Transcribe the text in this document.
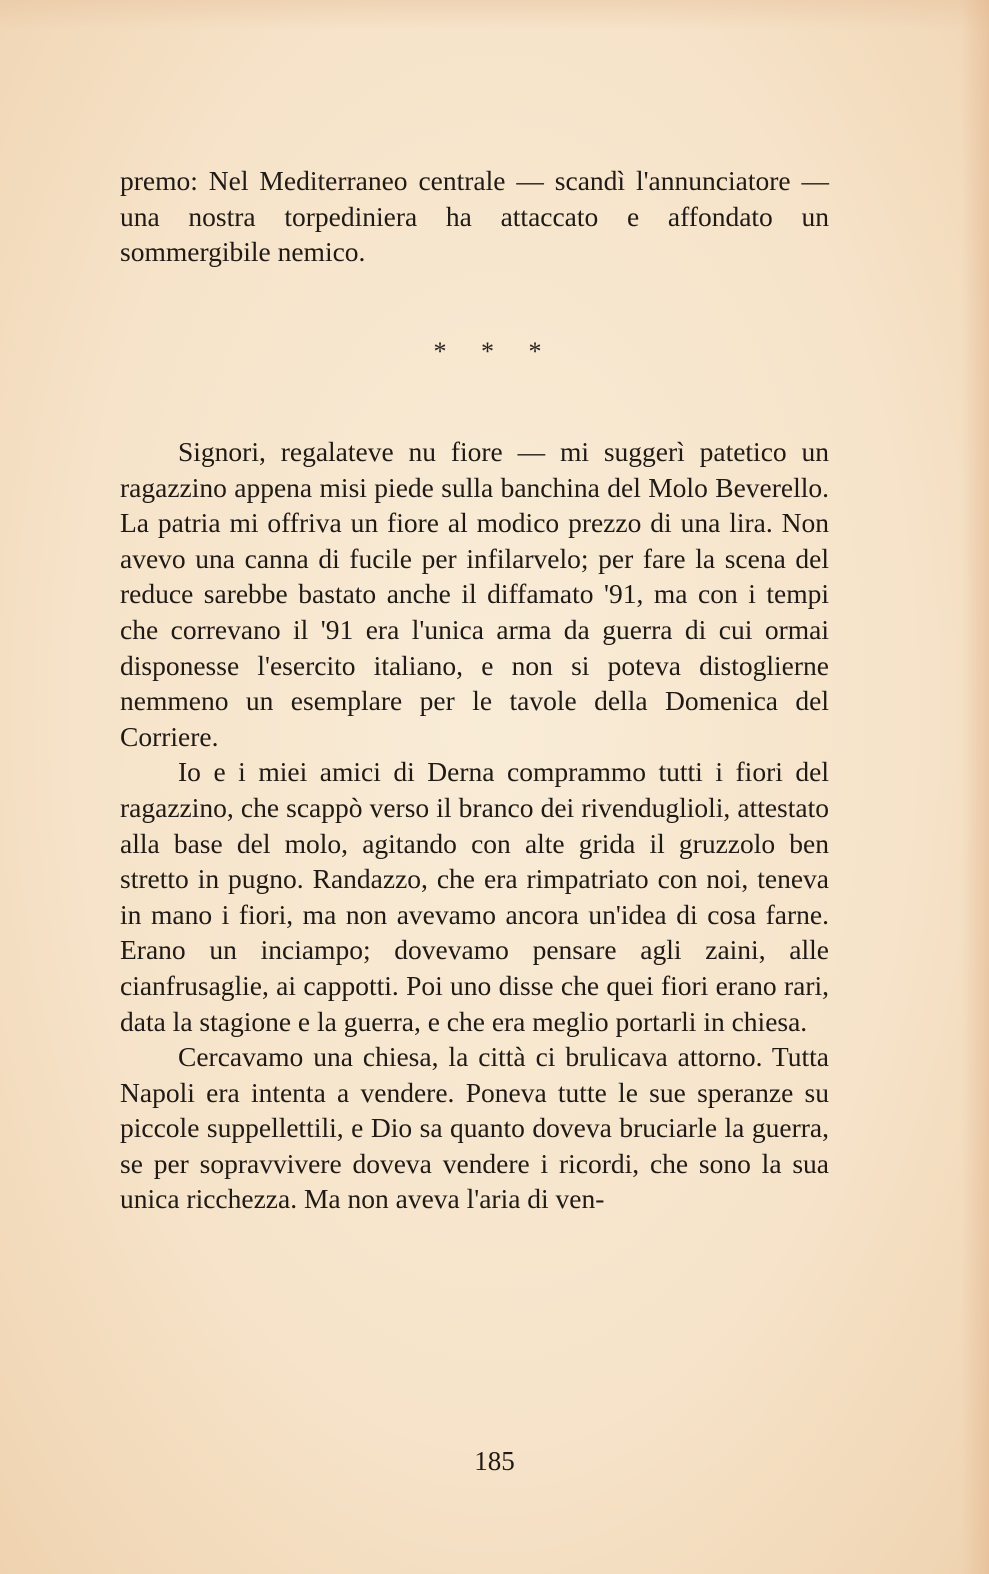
premo: Nel Mediterraneo centrale — scandì l'annunciatore — una nostra torpediniera ha attaccato e affondato un sommergibile nemico.

* * *

Signori, regalateve nu fiore — mi suggerì patetico un ragazzino appena misi piede sulla banchina del Molo Beverello. La patria mi offriva un fiore al modico prezzo di una lira. Non avevo una canna di fucile per infilarvelo; per fare la scena del reduce sarebbe bastato anche il diffamato '91, ma con i tempi che correvano il '91 era l'unica arma da guerra di cui ormai disponesse l'esercito italiano, e non si poteva distoglierne nemmeno un esemplare per le tavole della Domenica del Corriere.

Io e i miei amici di Derna comprammo tutti i fiori del ragazzino, che scappò verso il branco dei rivendugliolі, attestato alla base del molo, agitando con alte grida il gruzzolo ben stretto in pugno. Randazzo, che era rimpatriato con noi, teneva in mano i fiori, ma non avevamo ancora un'idea di cosa farne. Erano un inciampo; dovevamo pensare agli zaini, alle cianfrusaglie, ai cappotti. Poi uno disse che quei fiori erano rari, data la stagione e la guerra, e che era meglio portarli in chiesa.

Cercavamo una chiesa, la città ci brulicava attorno. Tutta Napoli era intenta a vendere. Poneva tutte le sue speranze su piccole suppellettili, e Dio sa quanto doveva bruciarle la guerra, se per sopravvivere doveva vendere i ricordi, che sono la sua unica ricchezza. Ma non aveva l'aria di ven-

185
